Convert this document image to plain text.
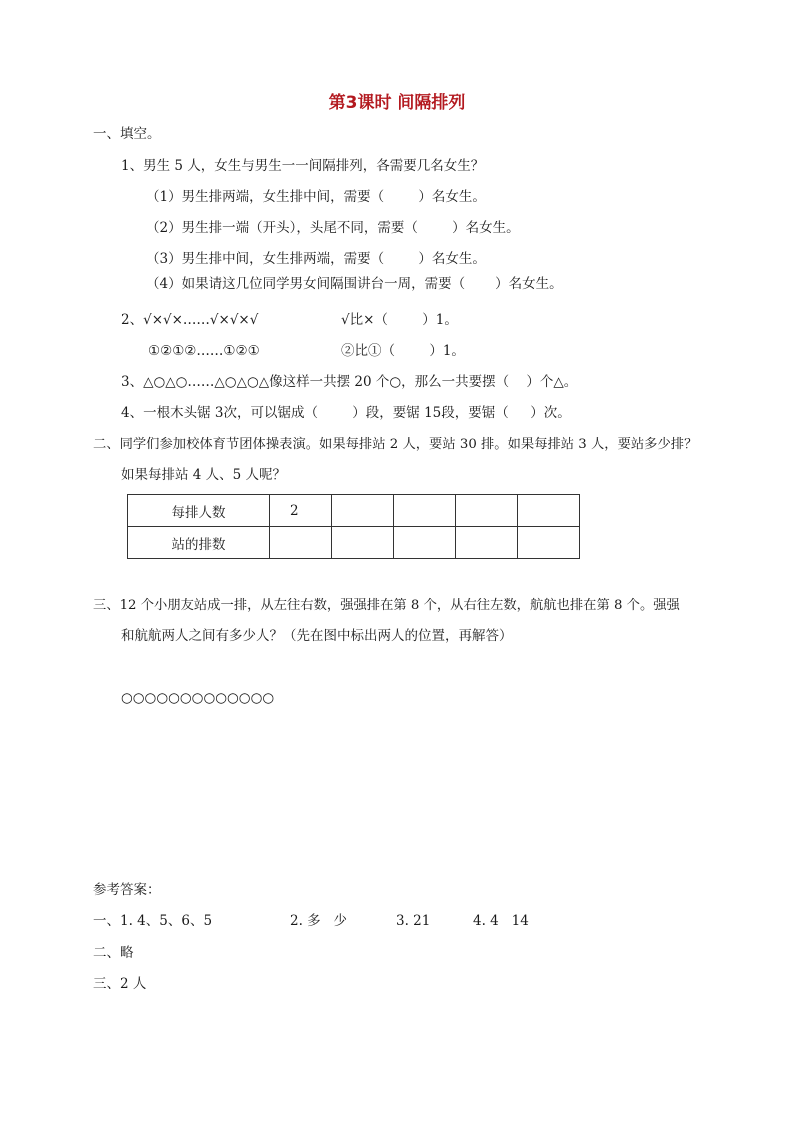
第3课时 间隔排列
一、填空。
1、男生 5 人，女生与男生一一间隔排列，各需要几名女生？
（1）男生排两端，女生排中间，需要（        ）名女生。
（2）男生排一端（开头），头尾不同，需要（        ）名女生。
（3）男生排中间，女生排两端，需要（        ）名女生。
（4）如果请这几位同学男女间隔围讲台一周，需要（       ）名女生。
2、√×√×……√×√×√	√比×（        ）1。
①②①②……①②①	②比①（        ）1。
3、△○△○……△○△○△像这样一共摆 20 个○，那么一共要摆（    ）个△。
4、一根木头锯 3次，可以锯成（        ）段，要锯 15段，要锯（     ）次。
二、同学们参加校体育节团体操表演。如果每排站 2 人，要站 30 排。如果每排站 3 人，要站多少排？
如果每排站 4 人、5 人呢？
每排人数	2				
站的排数					
三、12 个小朋友站成一排，从左往右数，强强排在第 8 个，从右往左数，航航也排在第 8 个。强强
和航航两人之间有多少人？（先在图中标出两人的位置，再解答）
○○○○○○○○○○○○○
参考答案：
一、1. 4、5、6、5	2. 多   少	3. 21	4. 4   14
二、略
三、2 人
